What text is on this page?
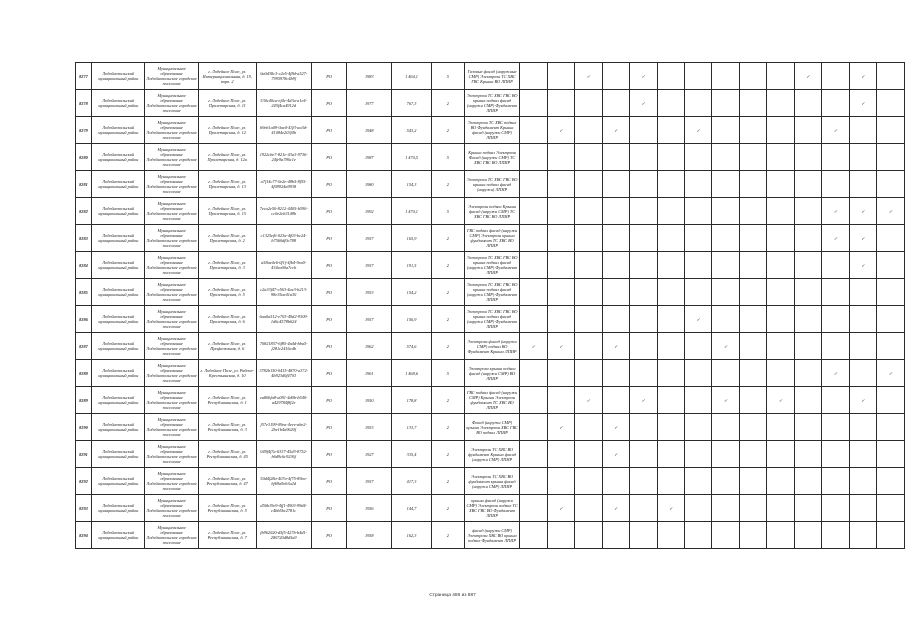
8277	Лодейнопольский муниципальный район	Муниципальное образование Лодейнопольское городское поселение	г. Лодейное Поле, ул. Интернациональная, д. 19, корп. 2	0a0d38c3-c2e5-4f8d-a527-7995978c4b9f	РО	1983	1 464,1	5	Газовые фасад (наружные СМР) Электроэн ТС ХВС ГВС Крыша ВО ЛПИР			✓		✓						✓		✓	
8278	Лодейнопольский муниципальный район	Муниципальное образование Лодейнопольское городское поселение	г. Лодейное Поле, ул. Пролетарская, д. 11	530c40ca-ef4e-4d3a-a1e4-245f4ca4912d	РО	1977	767,3	2	Электроэн ТС ХВС ГВС ВО крыша подвал фасад (наружн СМР) Фундамент ЛПИР					✓								✓	
8279	Лодейнопольский муниципальный район	Муниципальное образование Лодейнопольское городское поселение	г. Лодейное Поле, ул. Пролетарская, д. 12	b9eb1a09-0ae4-43f3-aa3d-41084e203f4b	РО	1948	543,2	2	Электроэн ТС ХВС подвал ВО Фундамент Крыша фасад (наружн СМР) ЛПИР		✓		✓			✓					✓		
8280	Лодейнопольский муниципальный район	Муниципальное образование Лодейнопольское городское поселение	г. Лодейное Поле, ул. Пролетарская, д. 12а	1922cbe7-821e-43a3-9736-24fe9a786c1e	РО	1987	1 470,5	5	Крыша подвал Электроэн Фасад (наружн СМР) ТС ХВС ГВС ВО ЛПИР														
8281	Лодейнопольский муниципальный район	Муниципальное образование Лодейнопольское городское поселение	г. Лодейное Поле, ул. Пролетарская, д. 13	a7f14c77-0e2e-48b5-8f55-4f09924a9938	РО	1980	154,3	2	Электроэн ТС ХВС ГВС ВО крыша подвал фасад (наружн) ЛПИР														
8282	Лодейнопольский муниципальный район	Муниципальное образование Лодейнопольское городское поселение	г. Лодейное Поле, ул. Пролетарская, д. 15	7eca2e50-8212-4405-b590-cc0e2eb3148b	РО	1992	1 470,1	5	Электроэн подвал Крыша фасад (наружн СМР) ТС ХВС ГВС ВО ЛПИР												✓	✓	✓
8283	Лодейнопольский муниципальный район	Муниципальное образование Лодейнопольское городское поселение	г. Лодейное Поле, ул. Пролетарская, д. 2	c1325ef6-023a-4f03-bc24-b7560df0c788	РО	1957	165,9	2	ГВС подвал фасад (наружн СМР) Электроэн крыша фундамент ТС ХВС ВО ЛПИР												✓	✓	
8284	Лодейнопольский муниципальный район	Муниципальное образование Лодейнопольское городское поселение	г. Лодейное Поле, ул. Пролетарская, д. 3	a58ae4e6-0f1f-4fb4-9ea0-434ea00a7ccb	РО	1957	191,5	2	Электроэн ТС ХВС ГВС ВО крыша подвал фасад (наружн СМР) Фундамент ЛПИР													✓	
8285	Лодейнопольский муниципальный район	Муниципальное образование Лодейнопольское городское поселение	г. Лодейное Поле, ул. Пролетарская, д. 5	c2a33f47-c563-4ae3-b213-98e35ae41a30	РО	1953	154,2	2	Электроэн ТС ХВС ГВС ВО крыша подвал фасад (наружн СМР) Фундамент ЛПИР														
8286	Лодейнопольский муниципальный район	Муниципальное образование Лодейнопольское городское поселение	г. Лодейное Поле, ул. Пролетарская, д. 6	6aa0a512-e703-49d2-9309-1d6c4578b624	РО	1957	156,9	2	Электроэн ТС ХВС ГВС ВО крыша подвал фасад (наружн СМР) Фундамент ЛПИР							✓							
8287	Лодейнопольский муниципальный район	Муниципальное образование Лодейнопольское городское поселение	г. Лодейное Поле, ул. Профсоюзная, д. 6	70821857-6f85-4a4d-bba5-f281c2416cdb	РО	1962	574,6	2	Электроэн фасад (наружн СМР) подвал ВО Фундамент Крыша ЛПИР	✓	✓		✓				✓						
8288	Лодейнопольский муниципальный район	Муниципальное образование Лодейнопольское городское поселение	г. Лодейное Поле, ул. Рабоче-Крестьянская, д. 10	3782b150-0415-4870-a372-4b923d0f4703	РО	1961	1 468,6	5	Электроэн крыша подвал фасад (наружн СМР) ВО ЛПИР												✓		✓
8289	Лодейнопольский муниципальный район	Муниципальное образование Лодейнопольское городское поселение	г. Лодейное Поле, ул. Республиканская, д. 1	ea80bfa8-a091-4d0b-b540-a429784f8f2e	РО	1950	178,8	2	ГВС подвал фасад (наружн СМР) Крыша Электроэн фундамент ТС ХВС ВО ЛПИР			✓		✓			✓		✓			✓	
8290	Лодейнопольский муниципальный район	Муниципальное образование Лодейнопольское городское поселение	г. Лодейное Поле, ул. Республиканская, д. 3	f57e3199-09ea-4eee-abe2-2be1b4a9620f	РО	1953	133,7	2	Фасад (наружн СМР) крыша Электроэн ХВС ГВС ВО подвал ЛПИР		✓		✓										
8291	Лодейнопольский муниципальный район	Муниципальное образование Лодейнопольское городское поселение	г. Лодейное Поле, ул. Республиканская, д. 45	049f4f7a-6337-45d3-8752-b6d9c6c9236f	РО	1927	335,4	2	Электроэн ТС ХВС ВО фундамент Крыша фасад (наружн СМР) ЛПИР				✓										
8292	Лодейнопольский муниципальный район	Муниципальное образование Лодейнопольское городское поселение	г. Лодейное Поле, ул. Республиканская, д. 47	50d4f28a-407a-4f75-89ea-bf69a9eb3a2d	РО	1957	417,3	2	Электроэн ТС ХВС ВО фундамент крыша фасад (наружн СМР) ЛПИР														
8293	Лодейнопольский муниципальный район	Муниципальное образование Лодейнопольское городское поселение	г. Лодейное Поле, ул. Республиканская, д. 5	d56b19e9-4ff1-4903-99d4-c4bb5bc2781c	РО	1956	144,7	2	крыша фасад (наружн СМР) Электроэн подвал ТС ХВС ГВС ВО Фундамент ЛПИР		✓		✓		✓								
8294	Лодейнопольский муниципальный район	Муниципальное образование Лодейнопольское городское поселение	г. Лодейное Поле, ул. Республиканская, д. 7	fb962020-d5f5-427b-b4d1-280720d8d5a9	РО	1958	162,3	2	фасад (наружн СМР) Электроэн ХВС ВО крыша подвал Фундамент ЛПИР														
Страница 486 из 887
